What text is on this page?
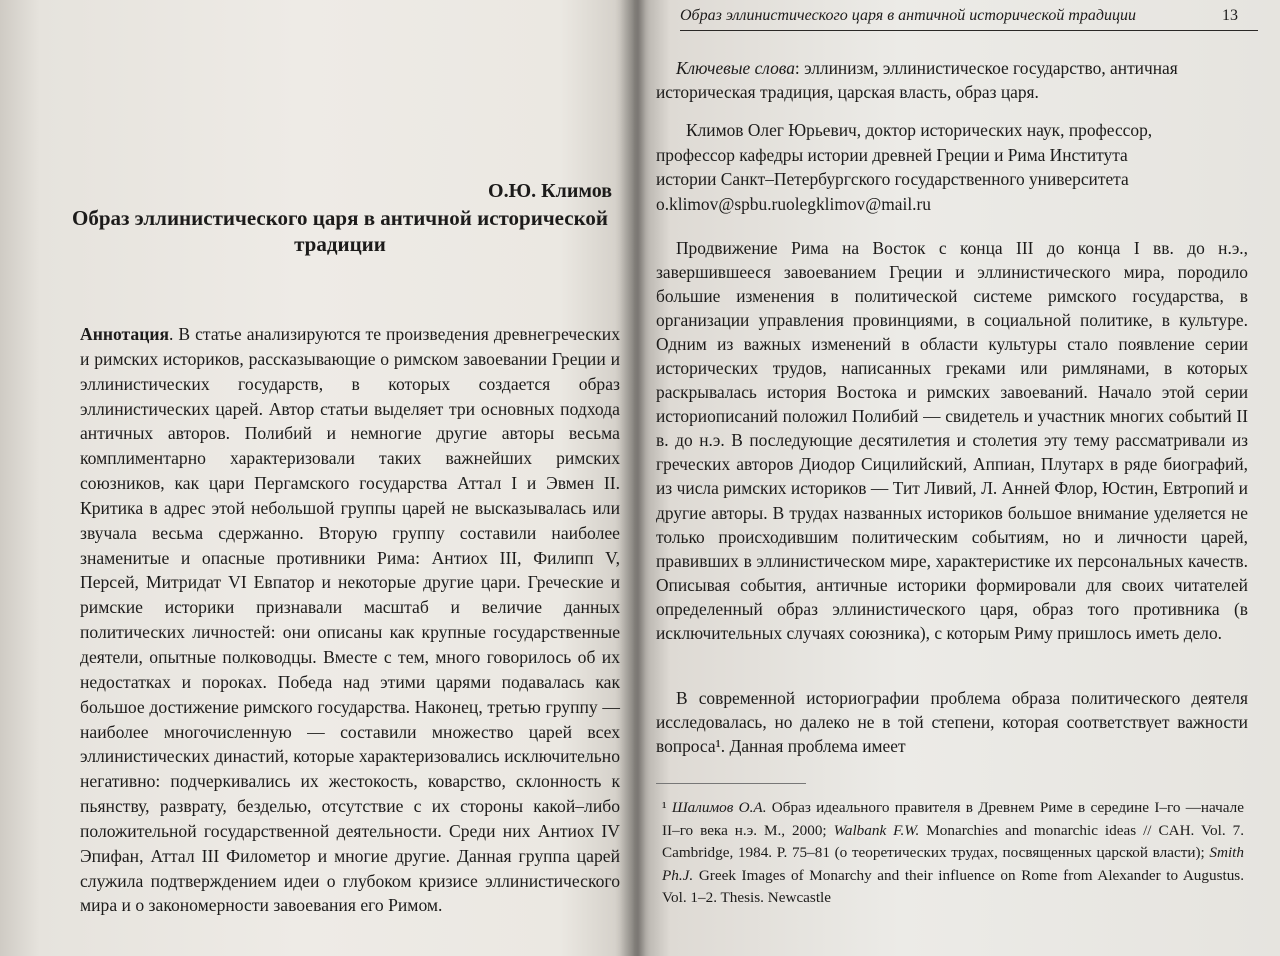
О.Ю. Климов
Образ эллинистического царя в античной исторической традиции

Аннотация. В статье анализируются те произведения древнегреческих и римских историков, рассказывающие о римском завоевании Греции и эллинистических государств, в которых создается образ эллинистических царей. Автор статьи выделяет три основных подхода античных авторов. Полибий и немногие другие авторы весьма комплиментарно характеризовали таких важнейших римских союзников, как цари Пергамского государства Аттал I и Эвмен II. Критика в адрес этой небольшой группы царей не высказывалась или звучала весьма сдержанно. Вторую группу составили наиболее знаменитые и опасные противники Рима: Антиох III, Филипп V, Персей, Митридат VI Евпатор и некоторые другие цари. Греческие и римские историки признавали масштаб и величие данных политических личностей: они описаны как крупные государственные деятели, опытные полководцы. Вместе с тем, много говорилось об их недостатках и пороках. Победа над этими царями подавалась как большое достижение римского государства. Наконец, третью группу — наиболее многочисленную — составили множество царей всех эллинистических династий, которые характеризовались исключительно негативно: подчеркивались их жестокость, коварство, склонность к пьянству, разврату, безделью, отсутствие с их стороны какой–либо положительной государственной деятельности. Среди них Антиох IV Эпифан, Аттал III Филометор и многие другие. Данная группа царей служила подтверждением идеи о глубоком кризисе эллинистического мира и о закономерности завоевания его Римом.

Образ эллинистического царя в античной исторической традиции	13

Ключевые слова: эллинизм, эллинистическое государство, античная историческая традиция, царская власть, образ царя.

Климов Олег Юрьевич, доктор исторических наук, профессор,
профессор кафедры истории древней Греции и Рима Института
истории Санкт–Петербургского государственного университета
o.klimov@spbu.ruolegklimov@mail.ru
Продвижение Рима на Восток с конца III до конца I вв. до н.э., завершившееся завоеванием Греции и эллинистического мира, породило большие изменения в политической системе римского государства, в организации управления провинциями, в социальной политике, в культуре. Одним из важных изменений в области культуры стало появление серии исторических трудов, написанных греками или римлянами, в которых раскрывалась история Востока и римских завоеваний. Начало этой серии историописаний положил Полибий — свидетель и участник многих событий II в. до н.э. В последующие десятилетия и столетия эту тему рассматривали из греческих авторов Диодор Сицилийский, Аппиан, Плутарх в ряде биографий, из числа римских историков — Тит Ливий, Л. Анней Флор, Юстин, Евтропий и другие авторы. В трудах названных историков большое внимание уделяется не только происходившим политическим событиям, но и личности царей, правивших в эллинистическом мире, характеристике их персональных качеств. Описывая события, античные историки формировали для своих читателей определенный образ эллинистического царя, образ того противника (в исключительных случаях союзника), с которым Риму пришлось иметь дело.
В современной историографии проблема образа политического деятеля исследовалась, но далеко не в той степени, которая соответствует важности вопроса¹. Данная проблема имеет
¹ Шалимов О.А. Образ идеального правителя в Древнем Риме в середине I–го —начале II–го века н.э. М., 2000; Walbank F.W. Monarchies and monarchic ideas // CAH. Vol. 7. Cambridge, 1984. P. 75–81 (о теоретических трудах, посвященных царской власти); Smith Ph.J. Greek Images of Monarchy and their influence on Rome from Alexander to Augustus. Vol. 1–2. Thesis. Newcastle
